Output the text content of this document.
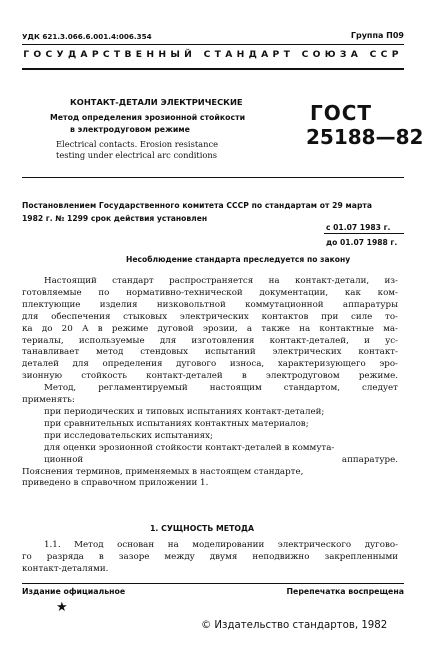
УДК 621.3.066.6.001.4:006.354	Группа П09
ГОСУДАРСТВЕННЫЙ СТАНДАРТ СОЮЗА ССР
КОНТАКТ-ДЕТАЛИ ЭЛЕКТРИЧЕСКИЕ
Метод определения эрозионной стойкости
в электродуговом режиме
Electrical contacts. Erosion resistance
testing under electrical arc conditions
ГОСТ
25188—82
Постановлением Государственного комитета СССР по стандартам от 29 марта
1982 г. № 1299 срок действия установлен
с 01.07 1983 г.
до 01.07 1988 г.
Несоблюдение стандарта преследуется по закону
Настоящий стандарт распространяется на контакт-детали, из-
готовляемые по нормативно-технической документации, как ком-
плектующие изделия низковольтной коммутационной аппаратуры
для обеспечения стыковых электрических контактов при силе то-
ка до 20 А в режиме дуговой эрозии, а также на контактные ма-
териалы, используемые для изготовления контакт-деталей, и ус-
танавливает метод стендовых испытаний электрических контакт-
деталей для определения дугового износа, характеризующего эро-
зионную стойкость контакт-деталей в электродуговом режиме.
Метод, регламентируемый настоящим стандартом, следует
применять:
при периодических и типовых испытаниях контакт-деталей;
при сравнительных испытаниях контактных материалов;
при исследовательских испытаниях;
для оценки эрозионной стойкости контакт-деталей в коммута-
ционной аппаратуре.
Пояснения терминов, применяемых в настоящем стандарте,
приведено в справочном приложении 1.
1. СУЩНОСТЬ МЕТОДА
1.1. Метод основан на моделировании электрического дугово-
го разряда в зазоре между двумя неподвижно закрепленными
контакт-деталями.
Издание официальное	Перепечатка воспрещена
★
© Издательство стандартов, 1982
